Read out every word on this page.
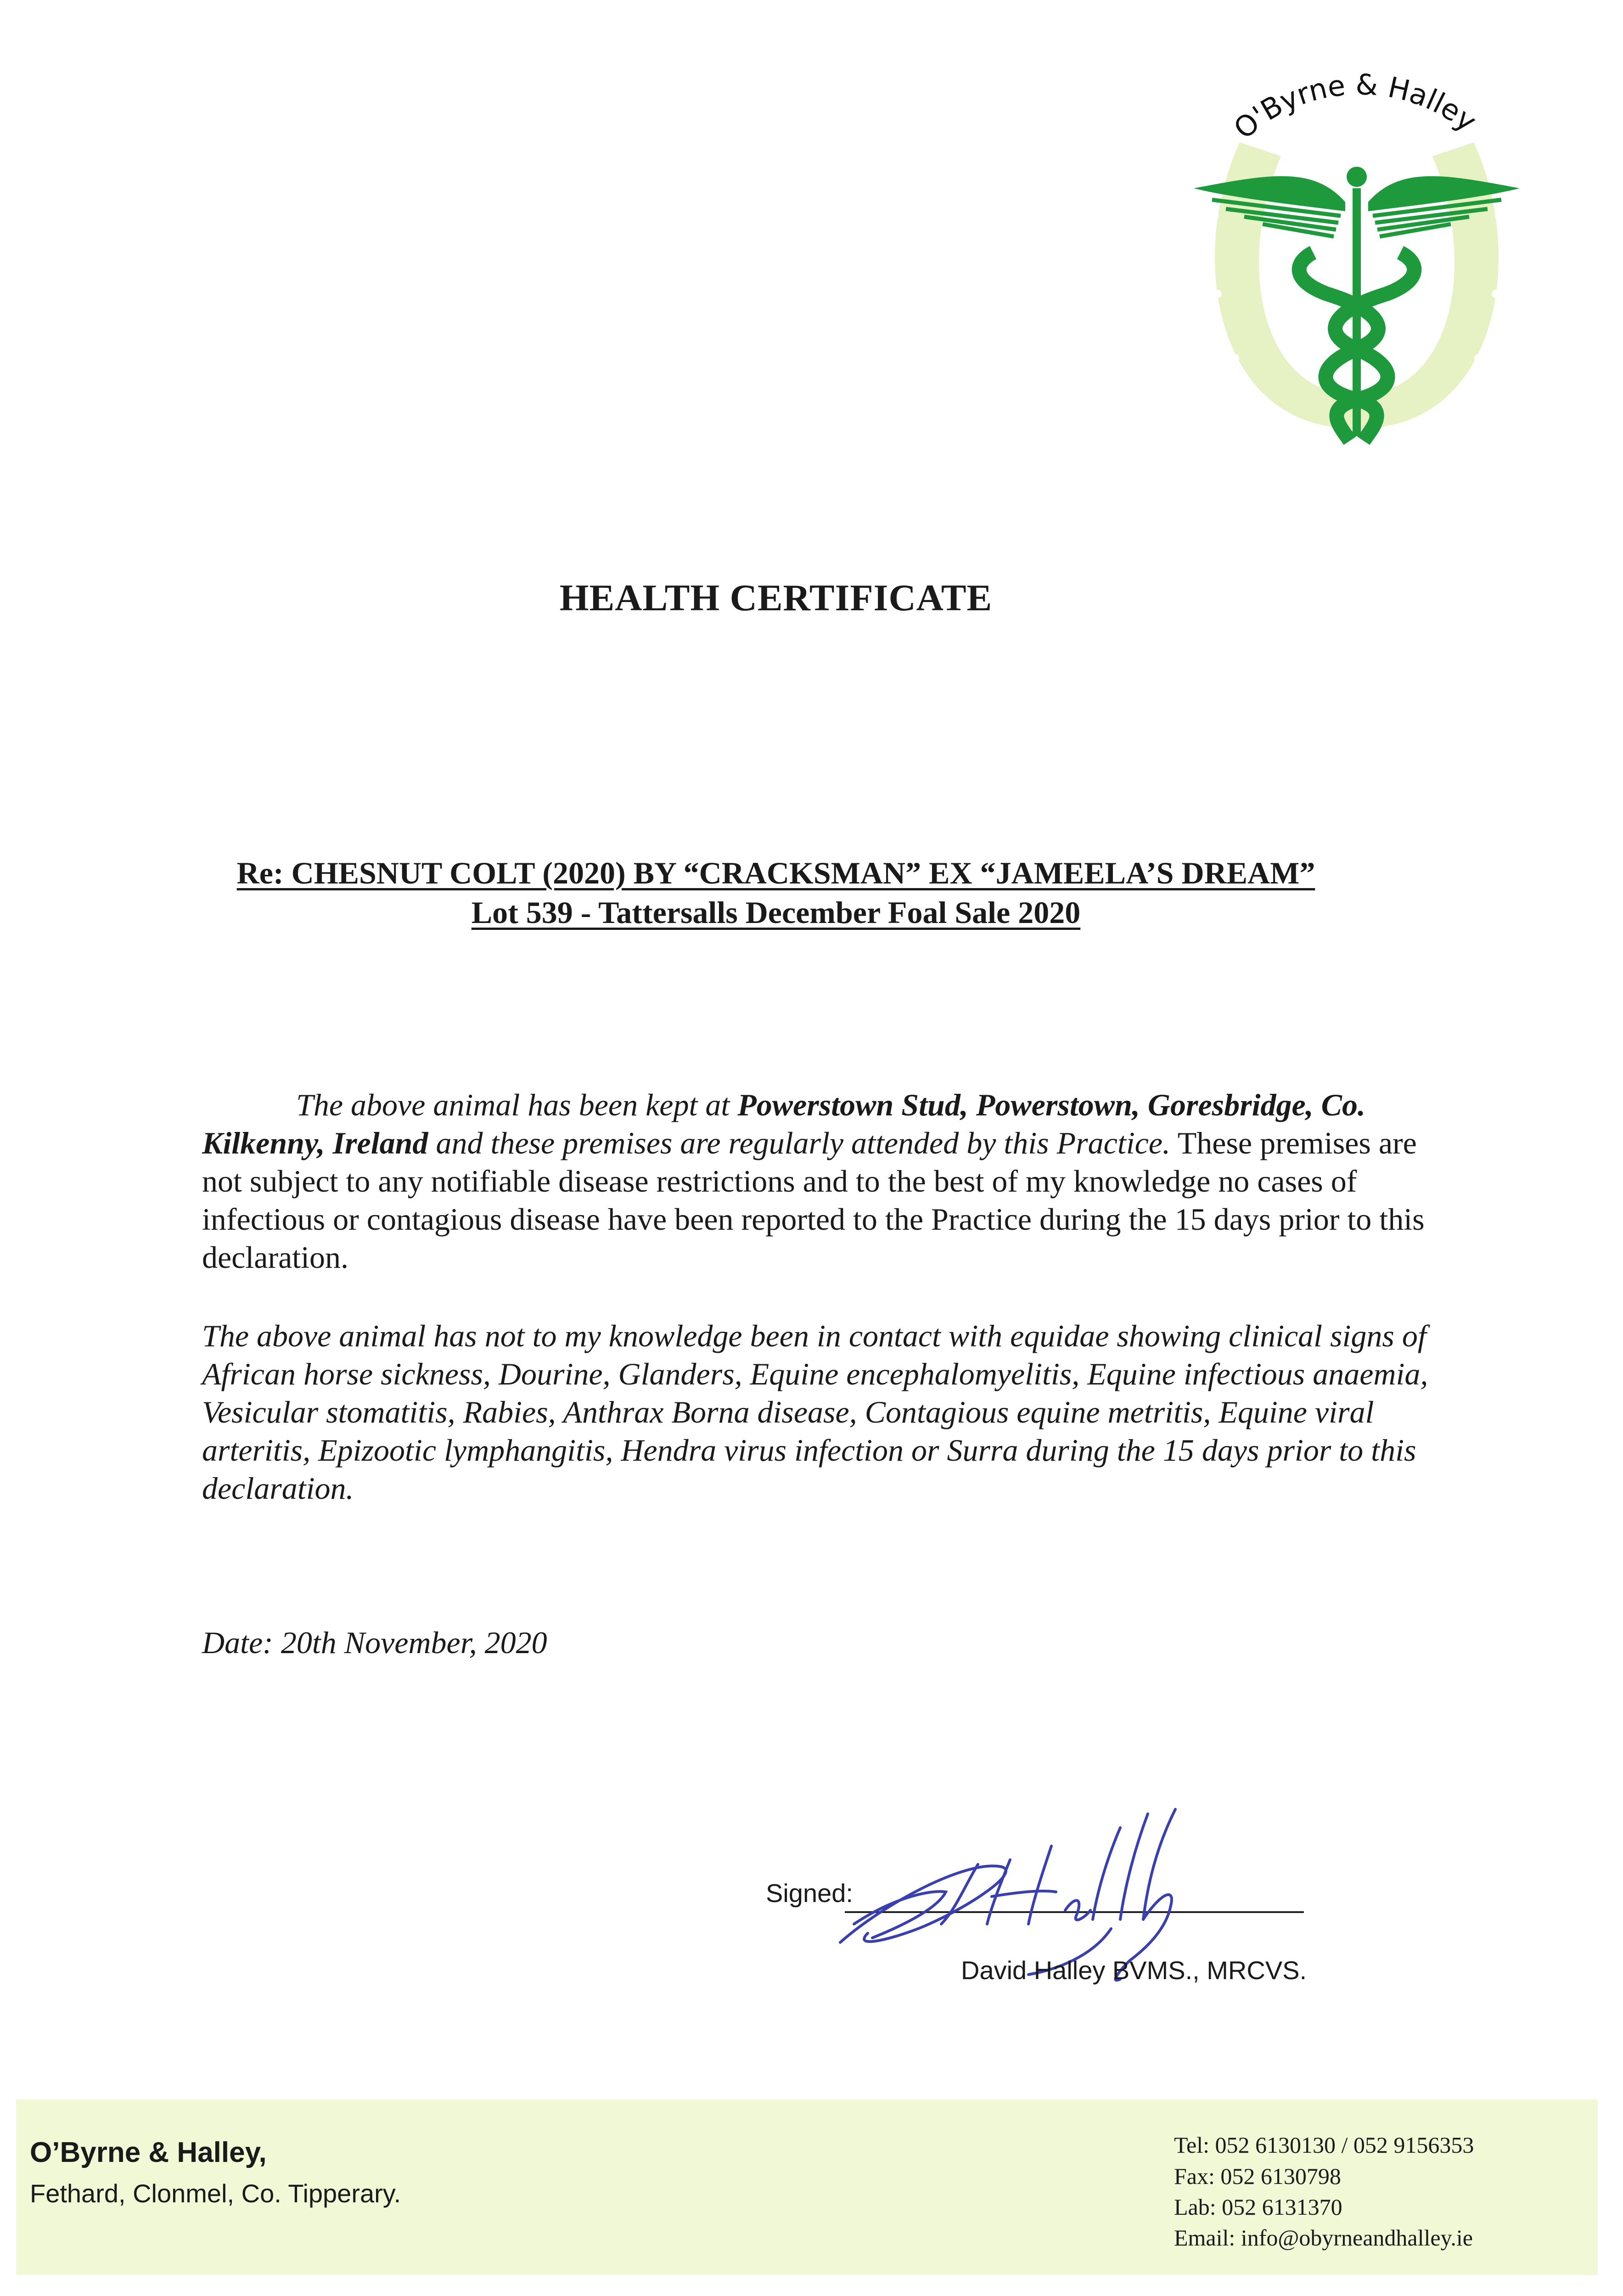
O'Byrne & Halley
HEALTH CERTIFICATE
Re: CHESNUT COLT (2020) BY “CRACKSMAN” EX “JAMEELA’S DREAM”
Lot 539 - Tattersalls December Foal Sale 2020
The above animal has been kept at Powerstown Stud, Powerstown, Goresbridge, Co. Kilkenny, Ireland and these premises are regularly attended by this Practice. These premises are not subject to any notifiable disease restrictions and to the best of my knowledge no cases of infectious or contagious disease have been reported to the Practice during the 15 days prior to this declaration.
The above animal has not to my knowledge been in contact with equidae showing clinical signs of African horse sickness, Dourine, Glanders, Equine encephalomyelitis, Equine infectious anaemia, Vesicular stomatitis, Rabies, Anthrax Borna disease, Contagious equine metritis, Equine viral arteritis, Epizootic lymphangitis, Hendra virus infection or Surra during the 15 days prior to this declaration.
Date: 20th November, 2020
Signed:
David Halley BVMS., MRCVS.
O’Byrne & Halley,
Fethard, Clonmel, Co. Tipperary.
Tel: 052 6130130 / 052 9156353
Fax: 052 6130798
Lab: 052 6131370
Email: info@obyrneandhalley.ie
